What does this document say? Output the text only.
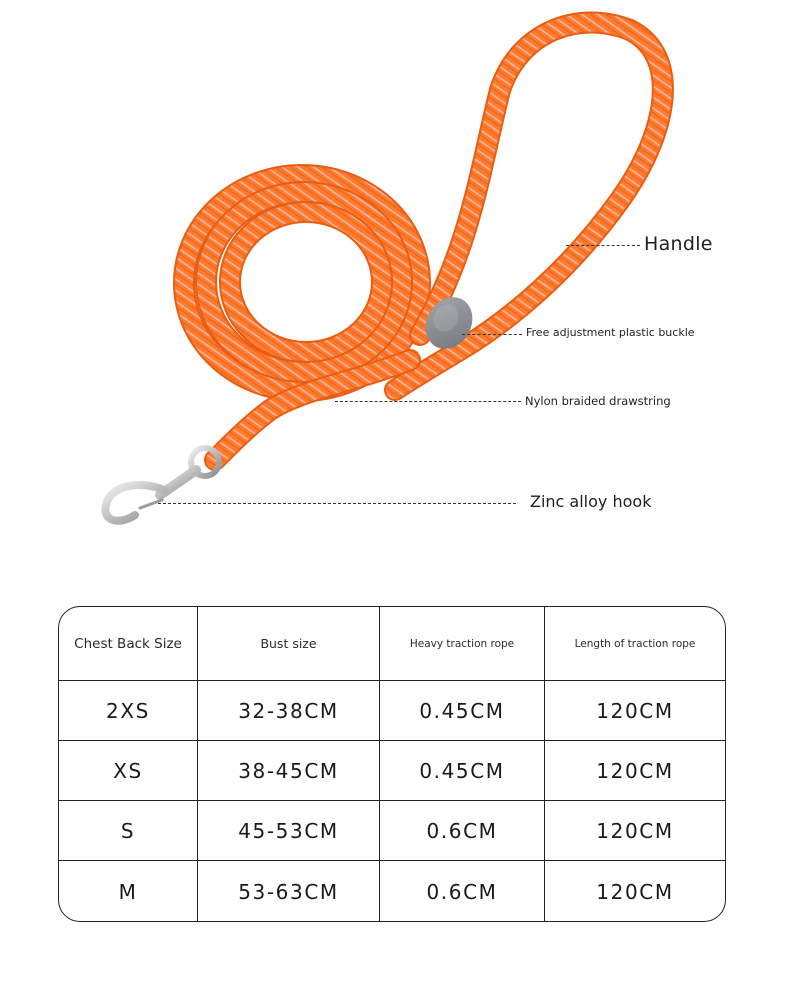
Handle
Free adjustment plastic buckle
Nylon braided drawstring
Zinc alloy hook
Chest Back Size	Bust size	Heavy traction rope	Length of traction rope
2XS	32-38CM	0.45CM	120CM
XS	38-45CM	0.45CM	120CM
S	45-53CM	0.6CM	120CM
M	53-63CM	0.6CM	120CM
